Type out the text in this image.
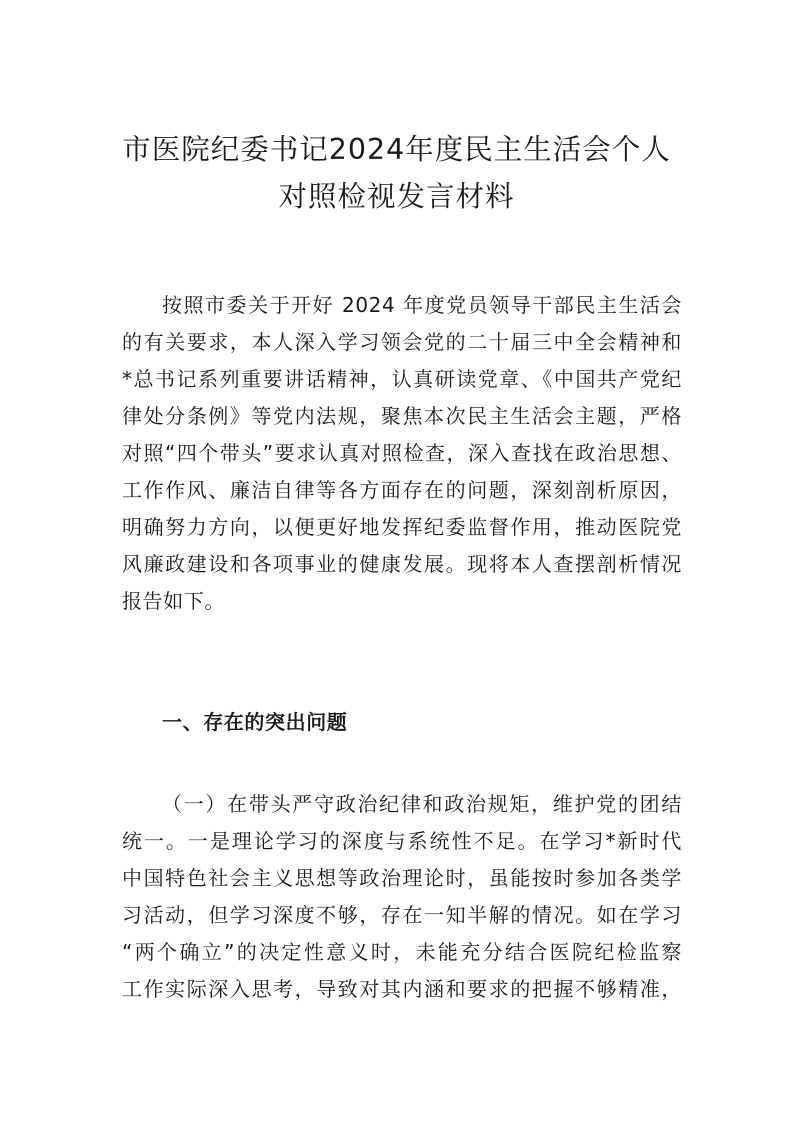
市医院纪委书记2024年度民主生活会个人
对照检视发言材料
按照市委关于开好 2024 年度党员领导干部民主生活会
的有关要求，本人深入学习领会党的二十届三中全会精神和
*总书记系列重要讲话精神，认真研读党章、《中国共产党纪
律处分条例》等党内法规，聚焦本次民主生活会主题，严格
对照“四个带头”要求认真对照检查，深入查找在政治思想、
工作作风、廉洁自律等各方面存在的问题，深刻剖析原因，
明确努力方向，以便更好地发挥纪委监督作用，推动医院党
风廉政建设和各项事业的健康发展。现将本人查摆剖析情况
报告如下。
一、存在的突出问题
（一）在带头严守政治纪律和政治规矩，维护党的团结
统一。一是理论学习的深度与系统性不足。在学习*新时代
中国特色社会主义思想等政治理论时，虽能按时参加各类学
习活动，但学习深度不够，存在一知半解的情况。如在学习
“两个确立”的决定性意义时，未能充分结合医院纪检监察
工作实际深入思考，导致对其内涵和要求的把握不够精准，
